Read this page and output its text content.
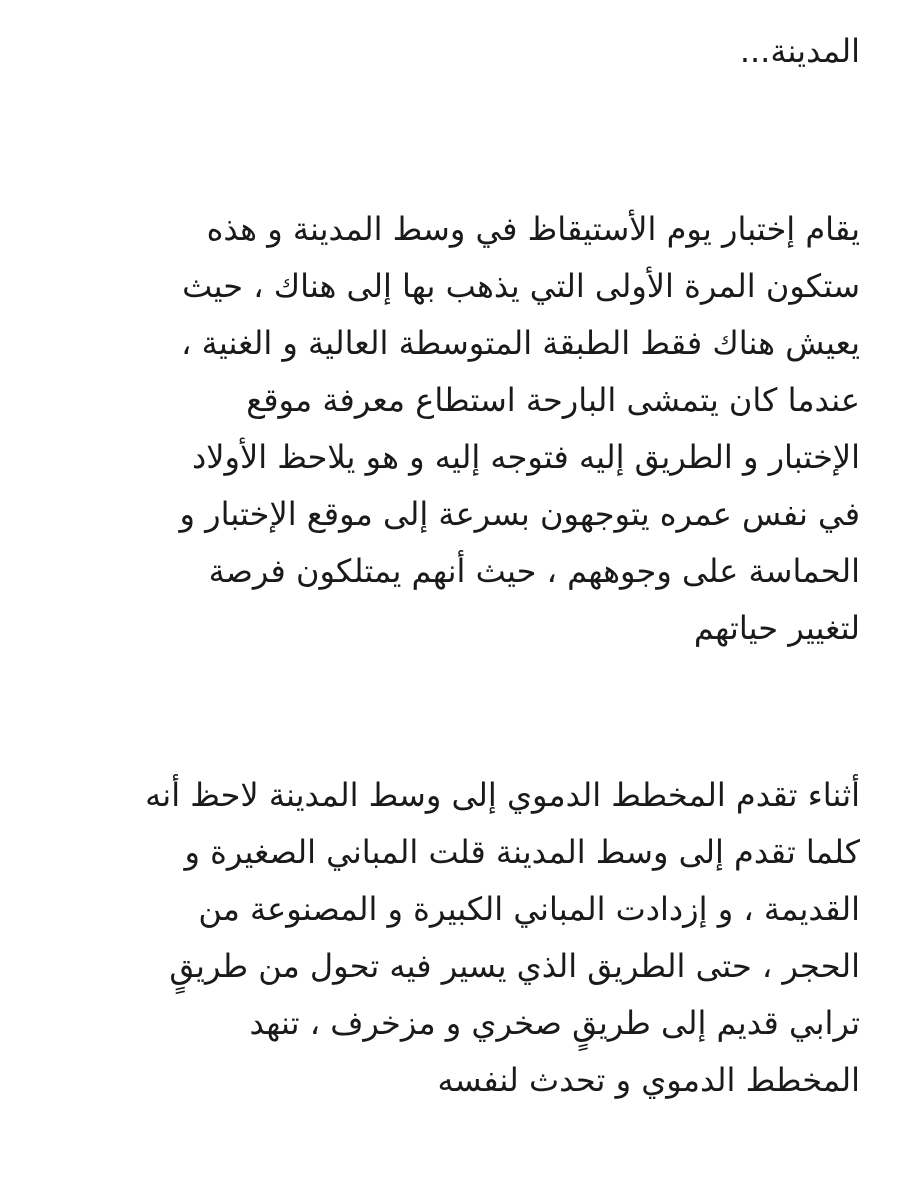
المدينة...
يقام إختبار يوم الأستيقاظ في وسط المدينة و هذه
ستكون المرة الأولى التي يذهب بها إلى هناك ، حيث
يعيش هناك فقط الطبقة المتوسطة العالية و الغنية ،
عندما كان يتمشى البارحة استطاع معرفة موقع
الإختبار و الطريق إليه فتوجه إليه و هو يلاحظ الأولاد
في نفس عمره يتوجهون بسرعة إلى موقع الإختبار و
الحماسة على وجوههم ، حيث أنهم يمتلكون فرصة
لتغيير حياتهم
أثناء تقدم المخطط الدموي إلى وسط المدينة لاحظ أنه
كلما تقدم إلى وسط المدينة قلت المباني الصغيرة و
القديمة ، و إزدادت المباني الكبيرة و المصنوعة من
الحجر ، حتى الطريق الذي يسير فيه تحول من طريقٍ
ترابي قديم إلى طريقٍ صخري و مزخرف ، تنهد
المخطط الدموي و تحدث لنفسه
